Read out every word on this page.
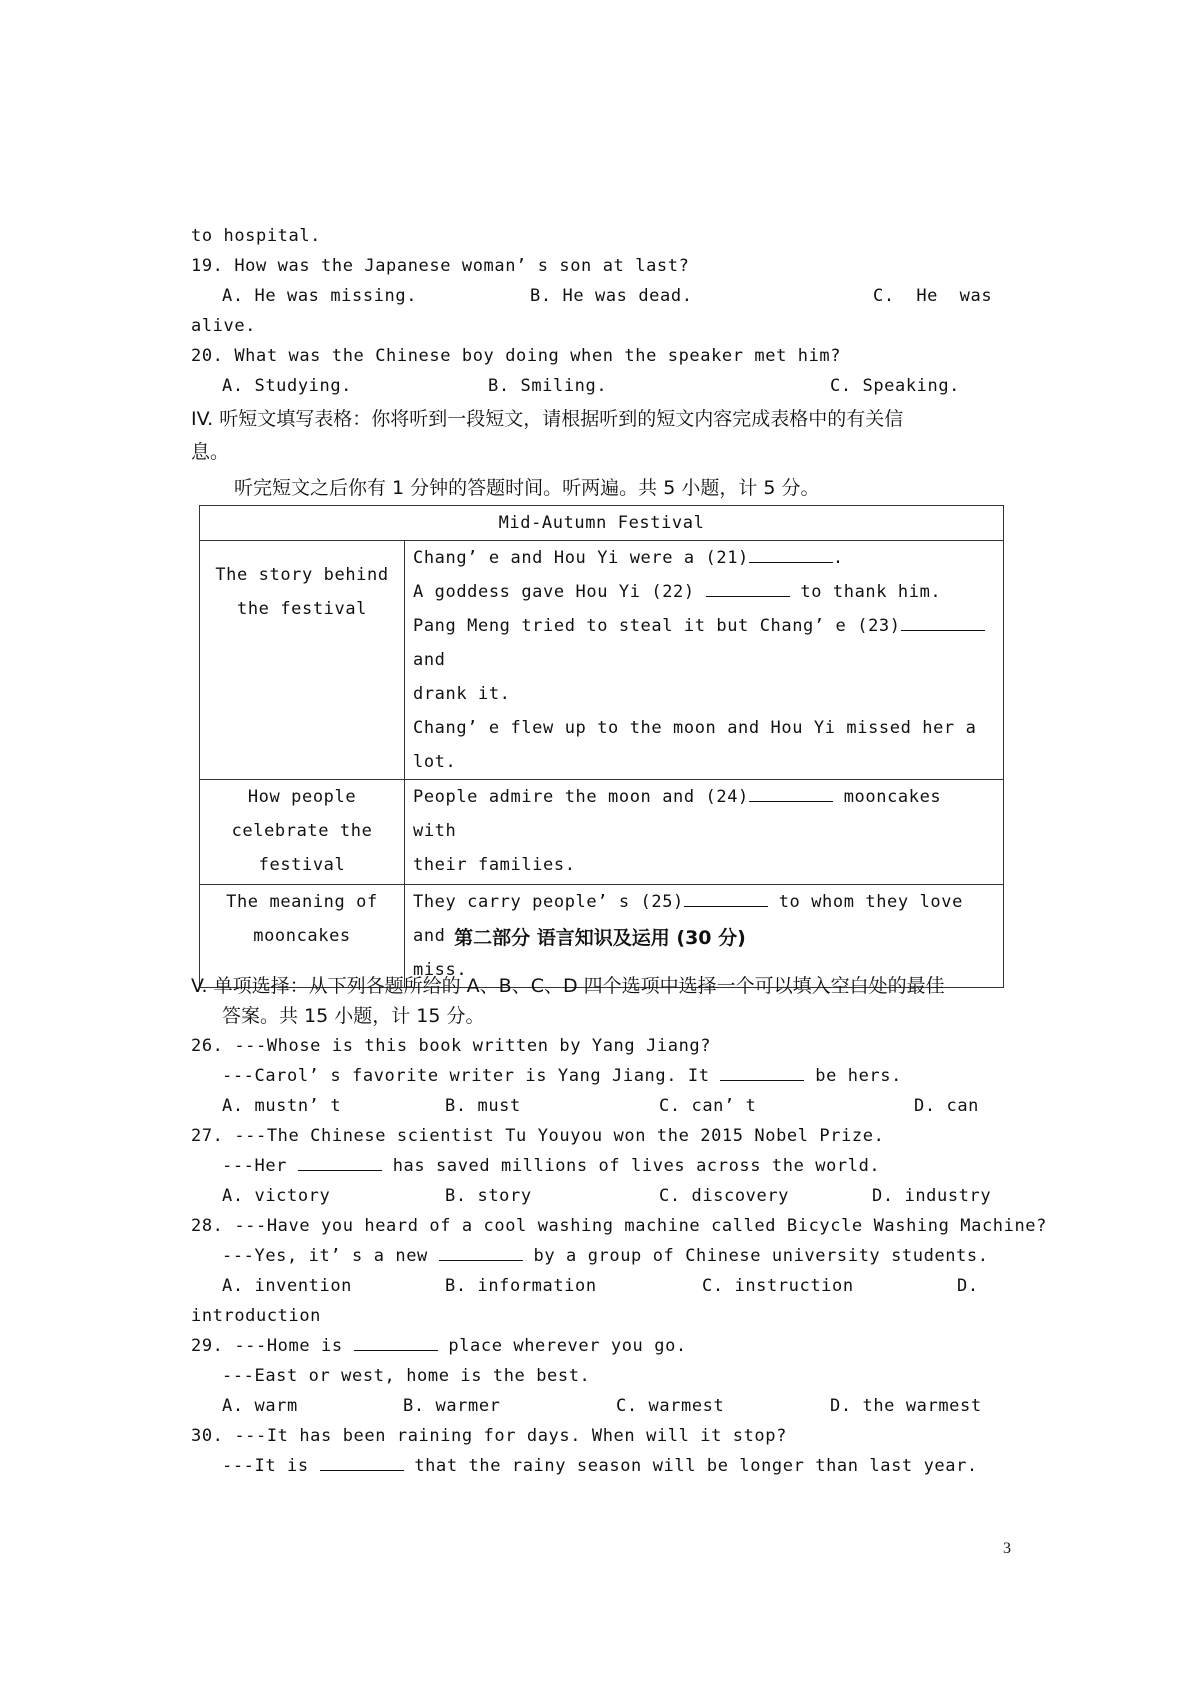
to hospital.
19. How was the Japanese woman’ s son at last?
A. He was missing.	B. He was dead.	C.  He  was
alive.
20. What was the Chinese boy doing when the speaker met him?
A. Studying.	B. Smiling.	C. Speaking.
IV. 听短文填写表格：你将听到一段短文，请根据听到的短文内容完成表格中的有关信
息。
听完短文之后你有 1 分钟的答题时间。听两遍。共 5 小题，计 5 分。
Mid-Autumn Festival	

The story behind the festival	Chang’ e and Hou Yi were a (21) .
A goddess gave Hou Yi (22) to thank him.
Pang Meng tried to steal it but Chang’ e (23) and
drank it.
Chang’ e flew up to the moon and Hou Yi missed her a lot.

How people celebrate the festival	People admire the moon and (24) mooncakes with
their families.

The meaning of mooncakes	They carry people’ s (25) to whom they love and
miss.
第二部分 语言知识及运用 (30 分)
V. 单项选择：从下列各题所给的 A、B、C、D 四个选项中选择一个可以填入空白处的最佳
答案。共 15 小题，计 15 分。
26. ---Whose is this book written by Yang Jiang?
---Carol’ s favorite writer is Yang Jiang. It	be hers.
A. mustn’ t	B. must	C. can’ t	D. can
27. ---The Chinese scientist Tu Youyou won the 2015 Nobel Prize.
---Her	has saved millions of lives across the world.
A. victory	B. story	C. discovery	D. industry
28. ---Have you heard of a cool washing machine called Bicycle Washing Machine?
---Yes, it’ s a new	by a group of Chinese university students.
A. invention	B. information	C. instruction	D.
introduction
29. ---Home is	place wherever you go.
---East or west, home is the best.
A. warm	B. warmer	C. warmest	D. the warmest
30. ---It has been raining for days. When will it stop?
---It is	that the rainy season will be longer than last year.
3
